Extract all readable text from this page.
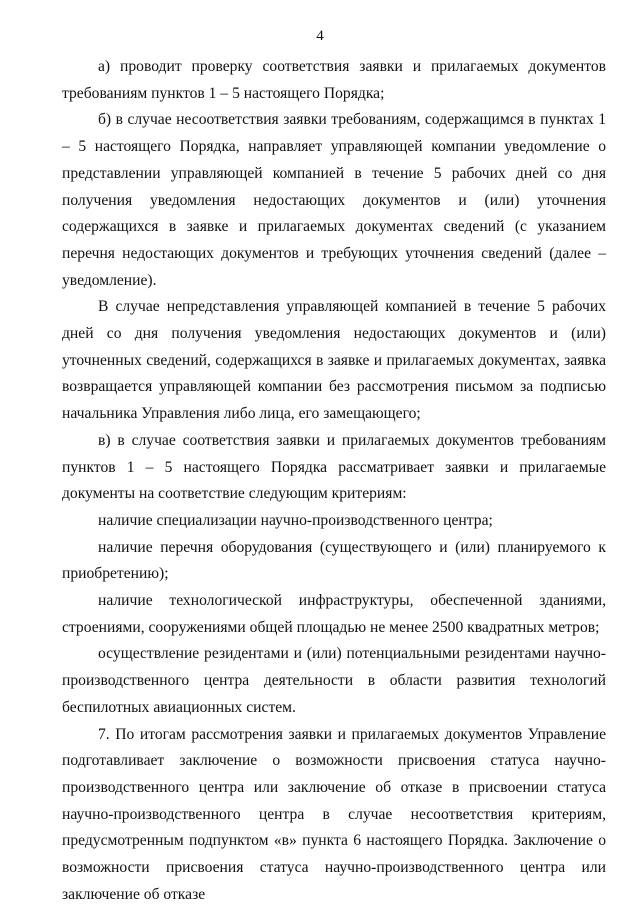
4

а) проводит проверку соответствия заявки и прилагаемых документов требованиям пунктов 1 – 5 настоящего Порядка;

б) в случае несоответствия заявки требованиям, содержащимся в пунктах 1 – 5 настоящего Порядка, направляет управляющей компании уведомление о представлении управляющей компанией в течение 5 рабочих дней со дня получения уведомления недостающих документов и (или) уточнения содержащихся в заявке и прилагаемых документах сведений (с указанием перечня недостающих документов и требующих уточнения сведений (далее – уведомление).

В случае непредставления управляющей компанией в течение 5 рабочих дней со дня получения уведомления недостающих документов и (или) уточненных сведений, содержащихся в заявке и прилагаемых документах, заявка возвращается управляющей компании без рассмотрения письмом за подписью начальника Управления либо лица, его замещающего;

в) в случае соответствия заявки и прилагаемых документов требованиям пунктов 1 – 5 настоящего Порядка рассматривает заявки и прилагаемые документы на соответствие следующим критериям:

наличие специализации научно-производственного центра;

наличие перечня оборудования (существующего и (или) планируемого к приобретению);

наличие технологической инфраструктуры, обеспеченной зданиями, строениями, сооружениями общей площадью не менее 2500 квадратных метров;

осуществление резидентами и (или) потенциальными резидентами научно-производственного центра деятельности в области развития технологий беспилотных авиационных систем.

7. По итогам рассмотрения заявки и прилагаемых документов Управление подготавливает заключение о возможности присвоения статуса научно-производственного центра или заключение об отказе в присвоении статуса научно-производственного центра в случае несоответствия критериям, предусмотренным подпунктом «в» пункта 6 настоящего Порядка. Заключение о возможности присвоения статуса научно-производственного центра или заключение об отказе
